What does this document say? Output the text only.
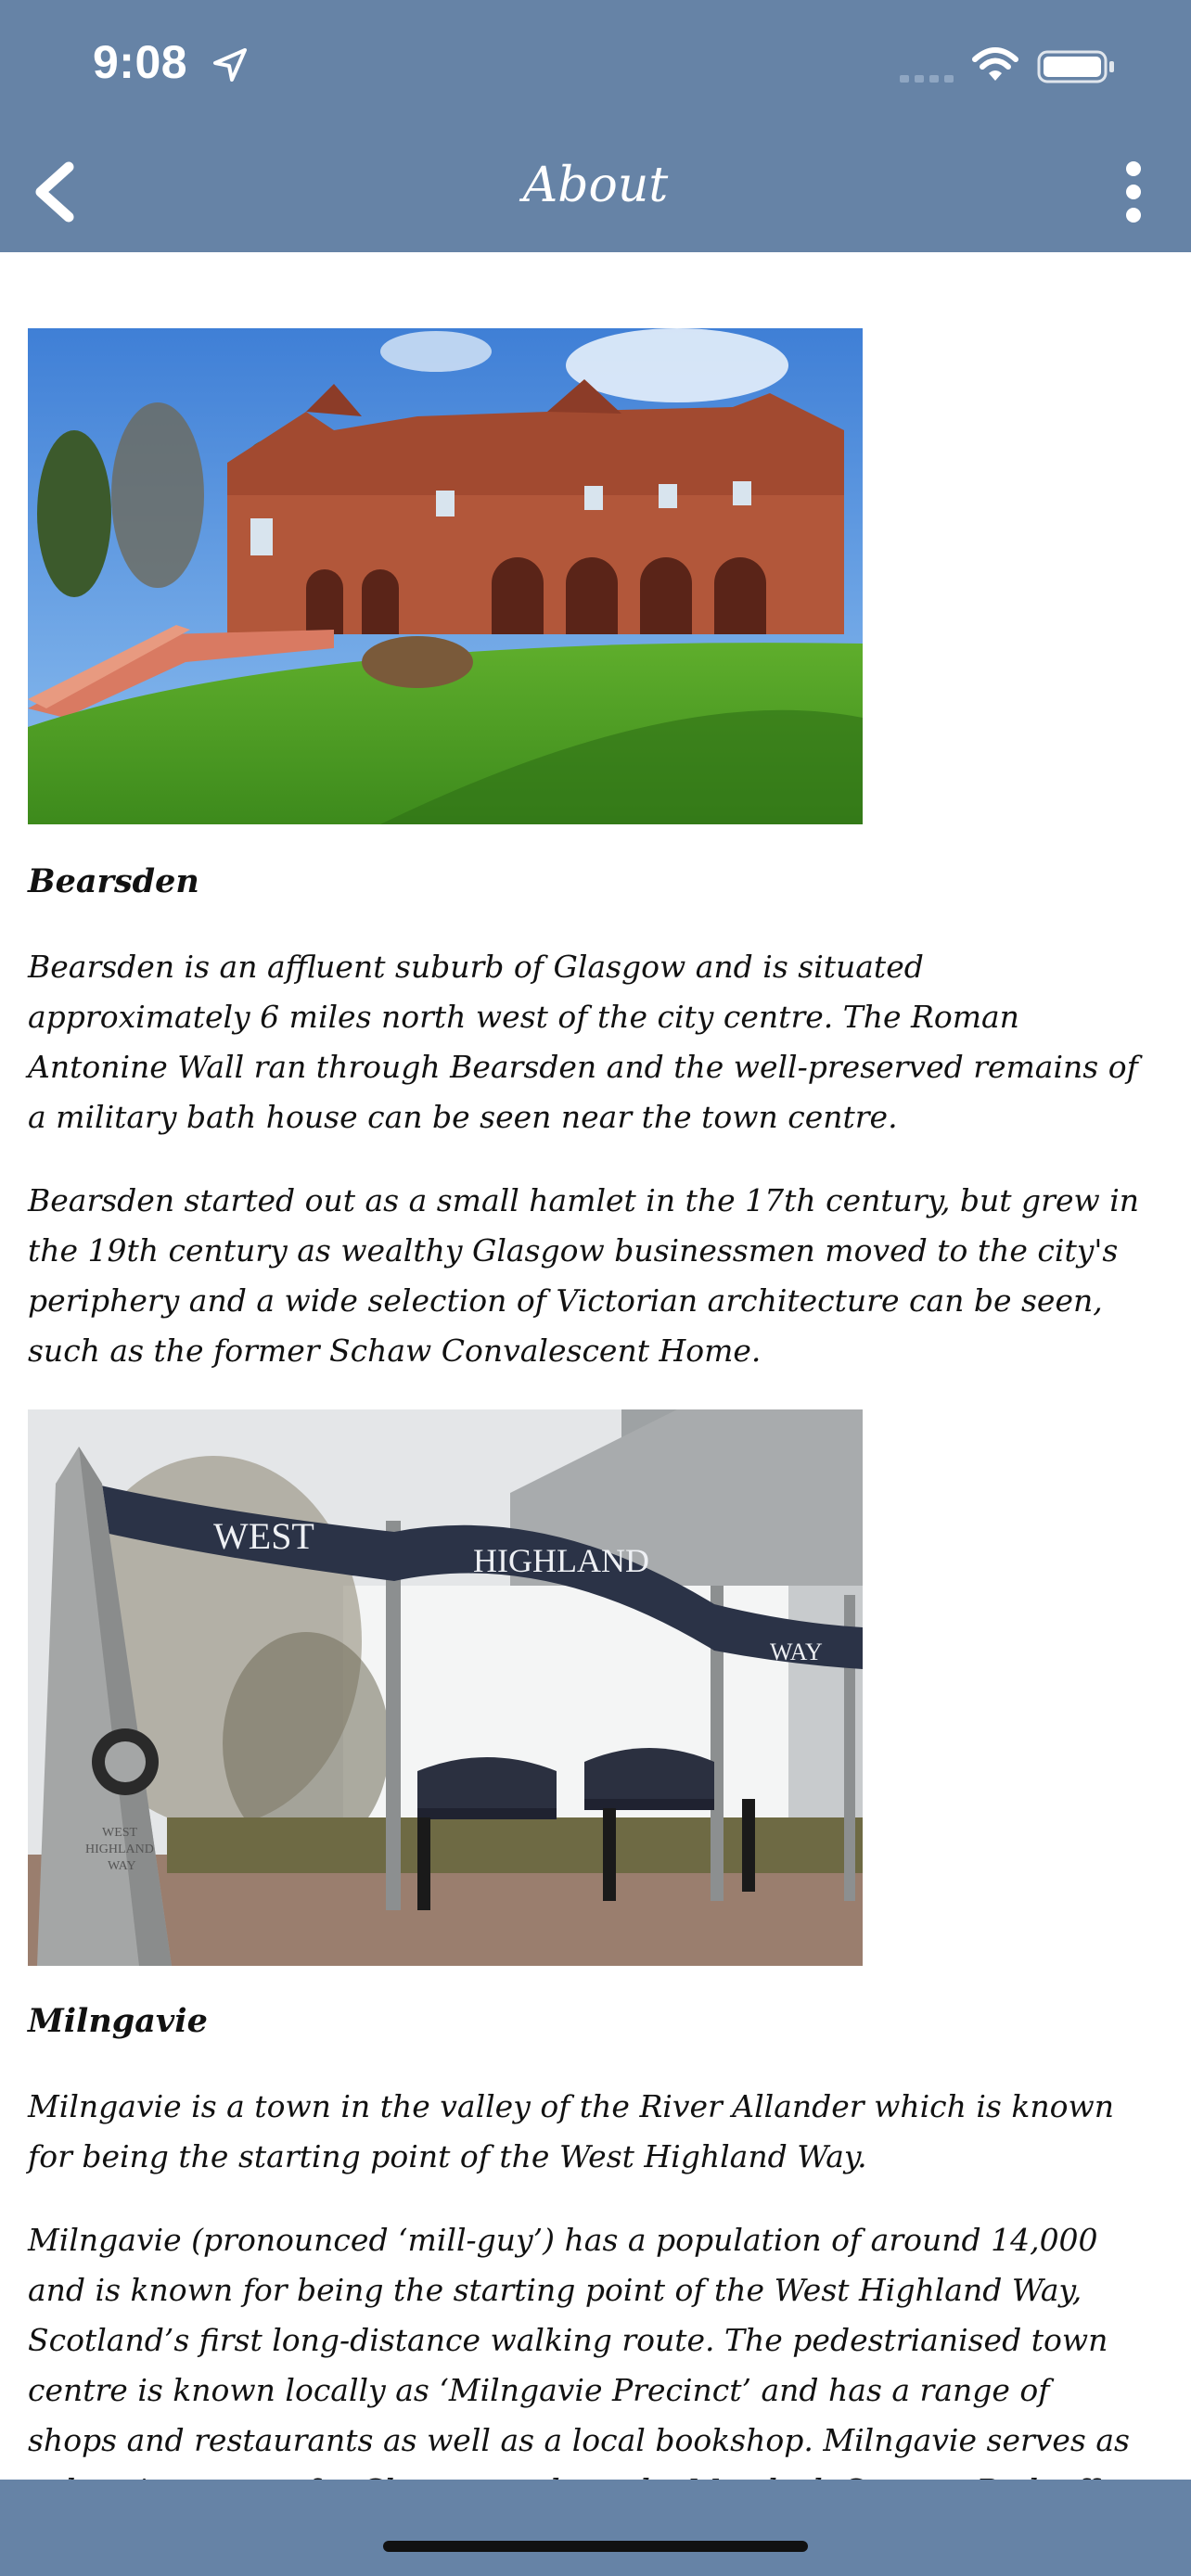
9:08
About
Bearsden
Bearsden is an affluent suburb of Glasgow and is situated approximately 6 miles north west of the city centre. The Roman Antonine Wall ran through Bearsden and the well-preserved remains of a military bath house can be seen near the town centre.
Bearsden started out as a small hamlet in the 17th century, but grew in the 19th century as wealthy Glasgow businessmen moved to the city's periphery and a wide selection of Victorian architecture can be seen, such as the former Schaw Convalescent Home.
WEST
HIGHLAND
WAY
WEST
HIGHLAND
WAY
Milngavie
Milngavie is a town in the valley of the River Allander which is known for being the starting point of the West Highland Way.
Milngavie (pronounced ‘mill-guy’) has a population of around 14,000 and is known for being the starting point of the West Highland Way, Scotland’s first long-distance walking route. The pedestrianised town centre is known locally as ‘Milngavie Precinct’ and has a range of shops and restaurants as well as a local bookshop. Milngavie serves as
